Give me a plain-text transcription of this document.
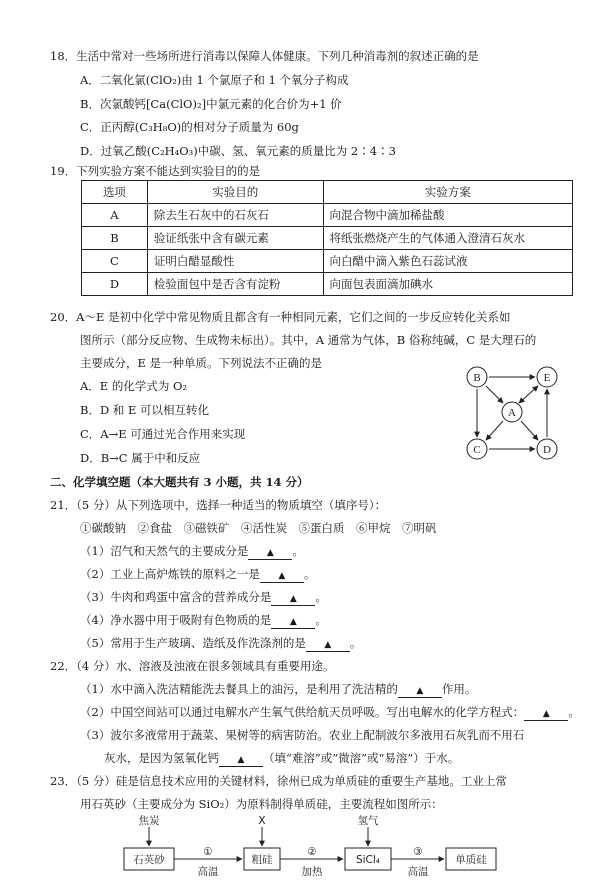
18．生活中常对一些场所进行消毒以保障人体健康。下列几种消毒剂的叙述正确的是
A．二氧化氯(ClO₂)由 1 个氯原子和 1 个氧分子构成
B．次氯酸钙[Ca(ClO)₂]中氯元素的化合价为+1 价
C．正丙醇(C₃H₈O)的相对分子质量为 60g
D．过氧乙酸(C₂H₄O₃)中碳、氢、氧元素的质量比为 2∶4∶3
19．下列实验方案不能达到实验目的的是
选项	实验目的	实验方案
A	除去生石灰中的石灰石	向混合物中滴加稀盐酸
B	验证纸张中含有碳元素	将纸张燃烧产生的气体通入澄清石灰水
C	证明白醋显酸性	向白醋中滴入紫色石蕊试液
D	检验面包中是否含有淀粉	向面包表面滴加碘水
20．A～E 是初中化学中常见物质且都含有一种相同元素，它们之间的一步反应转化关系如
图所示（部分反应物、生成物未标出）。其中，A 通常为气体，B 俗称纯碱，C 是大理石的
主要成分，E 是一种单质。下列说法不正确的是
A．E 的化学式为 O₂
B．D 和 E 可以相互转化
C．A→E 可通过光合作用来实现
D．B→C 属于中和反应
B	E
A
C	D
二、化学填空题（本大题共有 3 小题，共 14 分）
21．（5 分）从下列选项中，选择一种适当的物质填空（填序号）：
①碳酸钠　②食盐　③磁铁矿　④活性炭　⑤蛋白质　⑥甲烷　⑦明矾
（1）沼气和天然气的主要成分是 ▲	。
（2）工业上高炉炼铁的原料之一是 ▲	。
（3）牛肉和鸡蛋中富含的营养成分是 ▲	。
（4）净水器中用于吸附有色物质的是 ▲	。
（5）常用于生产玻璃、造纸及作洗涤剂的是 ▲	。
22．（4 分）水、溶液及浊液在很多领域具有重要用途。
（1）水中滴入洗洁精能洗去餐具上的油污，是利用了洗洁精的 ▲	作用。
（2）中国空间站可以通过电解水产生氧气供给航天员呼吸。写出电解水的化学方程式： ▲	。
（3）波尔多液常用于蔬菜、果树等的病害防治。农业上配制波尔多液用石灰乳而不用石
灰水，是因为氢氧化钙 ▲	（填“难溶”或“微溶”或“易溶”）于水。
23．（5 分）硅是信息技术应用的关键材料，徐州已成为单质硅的重要生产基地。工业上常
用石英砂（主要成分为 SiO₂）为原料制得单质硅，主要流程如图所示：
石英砂	粗硅	SiCl₄	单质硅
焦炭	X	氢气
①	②	③
高温	加热	高温
